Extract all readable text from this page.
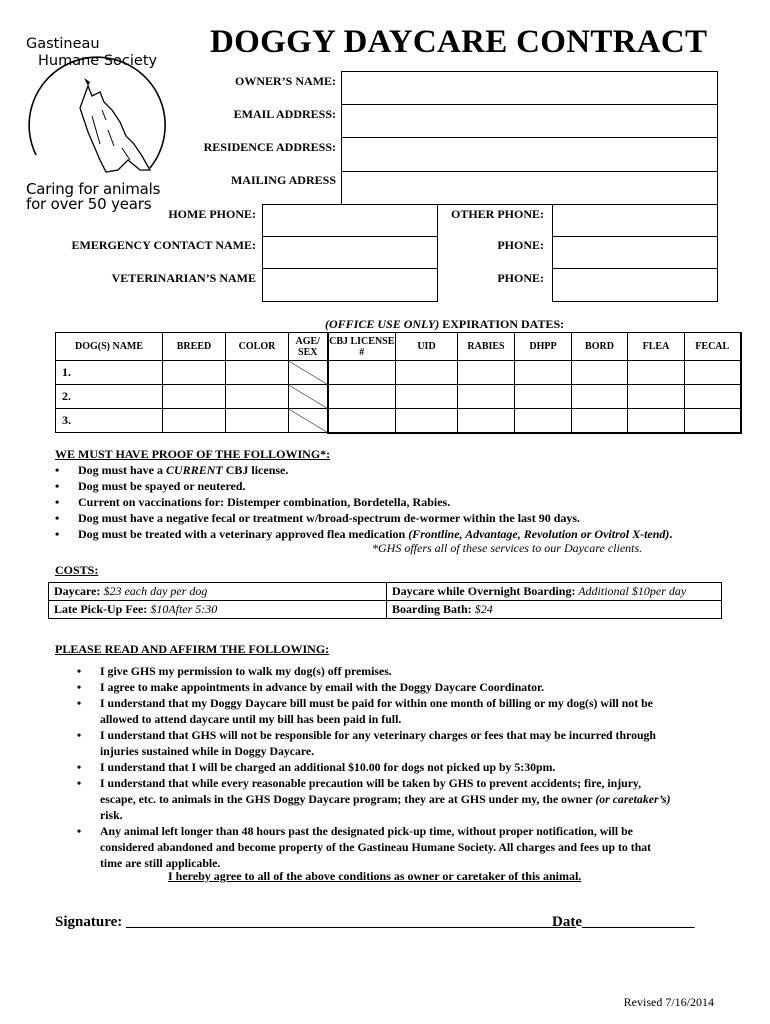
Gastineau
Humane Society
Caring for animals
for over 50 years
DOGGY DAYCARE CONTRACT
OWNER’S NAME:
EMAIL ADDRESS:
RESIDENCE ADDRESS:
MAILING ADRESS
HOME PHONE:	OTHER PHONE:
EMERGENCY CONTACT NAME:	PHONE:
VETERINARIAN’S NAME	PHONE:
(OFFICE USE ONLY) EXPIRATION DATES:
DOG(S) NAME	BREED	COLOR	AGE/ SEX	CBJ LICENSE #	UID	RABIES	DHPP	BORD	FLEA	FECAL
1.										
2.										
3.										
WE MUST HAVE PROOF OF THE FOLLOWING*:
• Dog must have a CURRENT CBJ license.
• Dog must be spayed or neutered.
• Current on vaccinations for: Distemper combination, Bordetella, Rabies.
• Dog must have a negative fecal or treatment w/broad-spectrum de-wormer within the last 90 days.
• Dog must be treated with a veterinary approved flea medication (Frontline, Advantage, Revolution or Ovitrol X-tend).
*GHS offers all of these services to our Daycare clients.
COSTS:
Daycare: $23 each day per dog	Daycare while Overnight Boarding: Additional $10per day
Late Pick-Up Fee: $10After 5:30	Boarding Bath: $24
PLEASE READ AND AFFIRM THE FOLLOWING:
• I give GHS my permission to walk my dog(s) off premises.
• I agree to make appointments in advance by email with the Doggy Daycare Coordinator.
• I understand that my Doggy Daycare bill must be paid for within one month of billing or my dog(s) will not be
allowed to attend daycare until my bill has been paid in full.
• I understand that GHS will not be responsible for any veterinary charges or fees that may be incurred through
injuries sustained while in Doggy Daycare.
• I understand that I will be charged an additional $10.00 for dogs not picked up by 5:30pm.
• I understand that while every reasonable precaution will be taken by GHS to prevent accidents; fire, injury,
escape, etc. to animals in the GHS Doggy Daycare program; they are at GHS under my, the owner (or caretaker’s)
risk.
• Any animal left longer than 48 hours past the designated pick-up time, without proper notification, will be
considered abandoned and become property of the Gastineau Humane Society. All charges and fees up to that
time are still applicable.
I hereby agree to all of the above conditions as owner or caretaker of this animal.
Signature: ____________________________________________________________
Date_______________
Revised 7/16/2014
